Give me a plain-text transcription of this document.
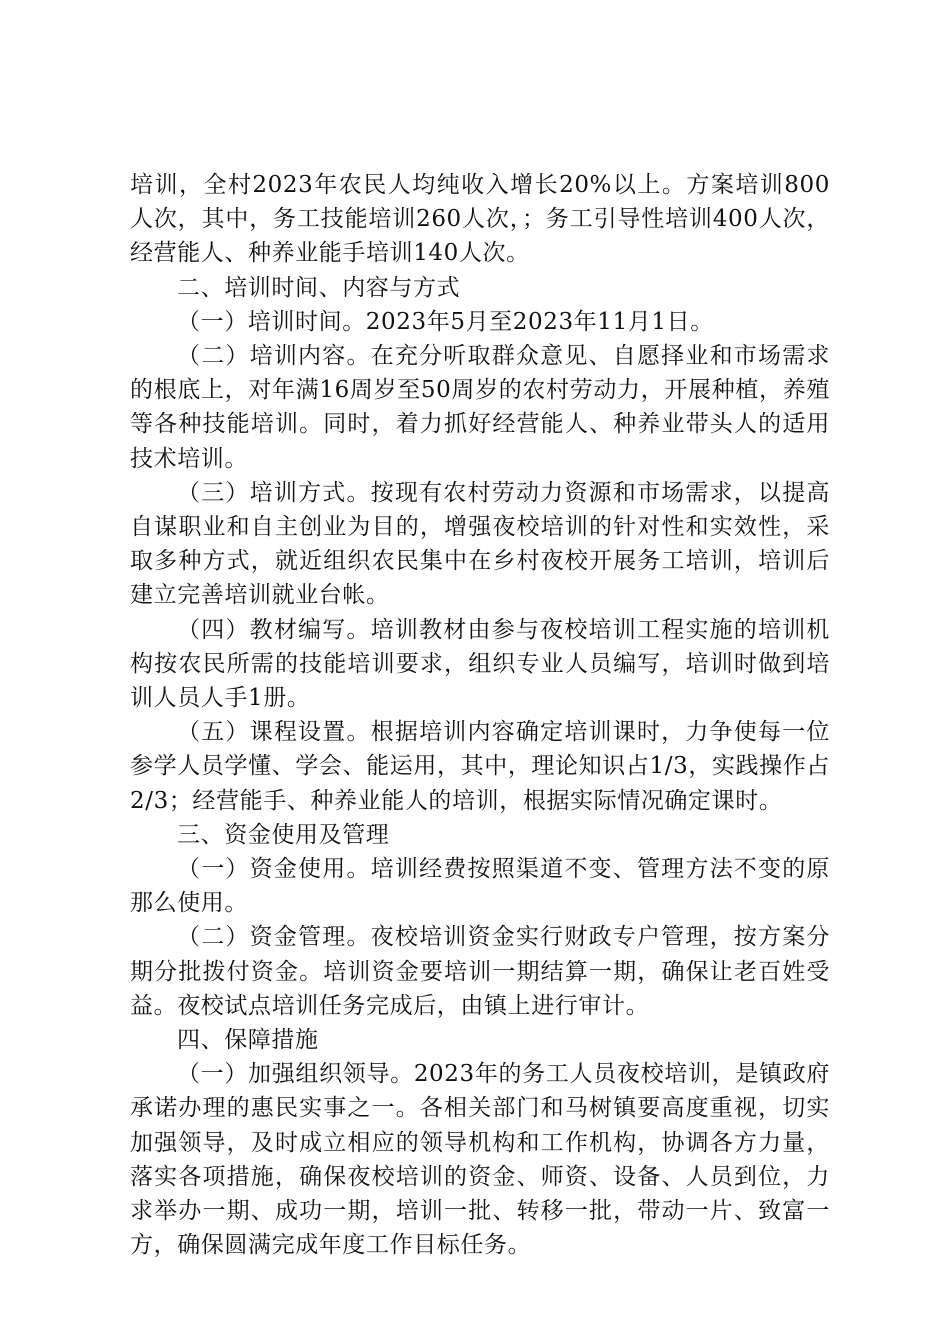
培训，全村2023年农民人均纯收入增长20%以上。方案培训800人次，其中，务工技能培训260人次，；务工引导性培训400人次，经营能人、种养业能手培训140人次。

二、培训时间、内容与方式

（一）培训时间。2023年5月至2023年11月1日。

（二）培训内容。在充分听取群众意见、自愿择业和市场需求的根底上，对年满16周岁至50周岁的农村劳动力，开展种植，养殖等各种技能培训。同时，着力抓好经营能人、种养业带头人的适用技术培训。

（三）培训方式。按现有农村劳动力资源和市场需求，以提高自谋职业和自主创业为目的，增强夜校培训的针对性和实效性，采取多种方式，就近组织农民集中在乡村夜校开展务工培训，培训后建立完善培训就业台帐。

（四）教材编写。培训教材由参与夜校培训工程实施的培训机构按农民所需的技能培训要求，组织专业人员编写，培训时做到培训人员人手1册。

（五）课程设置。根据培训内容确定培训课时，力争使每一位参学人员学懂、学会、能运用，其中，理论知识占1/3，实践操作占2/3；经营能手、种养业能人的培训，根据实际情况确定课时。

三、资金使用及管理

（一）资金使用。培训经费按照渠道不变、管理方法不变的原那么使用。

（二）资金管理。夜校培训资金实行财政专户管理，按方案分期分批拨付资金。培训资金要培训一期结算一期，确保让老百姓受益。夜校试点培训任务完成后，由镇上进行审计。

四、保障措施

（一）加强组织领导。2023年的务工人员夜校培训，是镇政府承诺办理的惠民实事之一。各相关部门和马树镇要高度重视，切实加强领导，及时成立相应的领导机构和工作机构，协调各方力量，落实各项措施，确保夜校培训的资金、师资、设备、人员到位，力求举办一期、成功一期，培训一批、转移一批，带动一片、致富一方，确保圆满完成年度工作目标任务。
